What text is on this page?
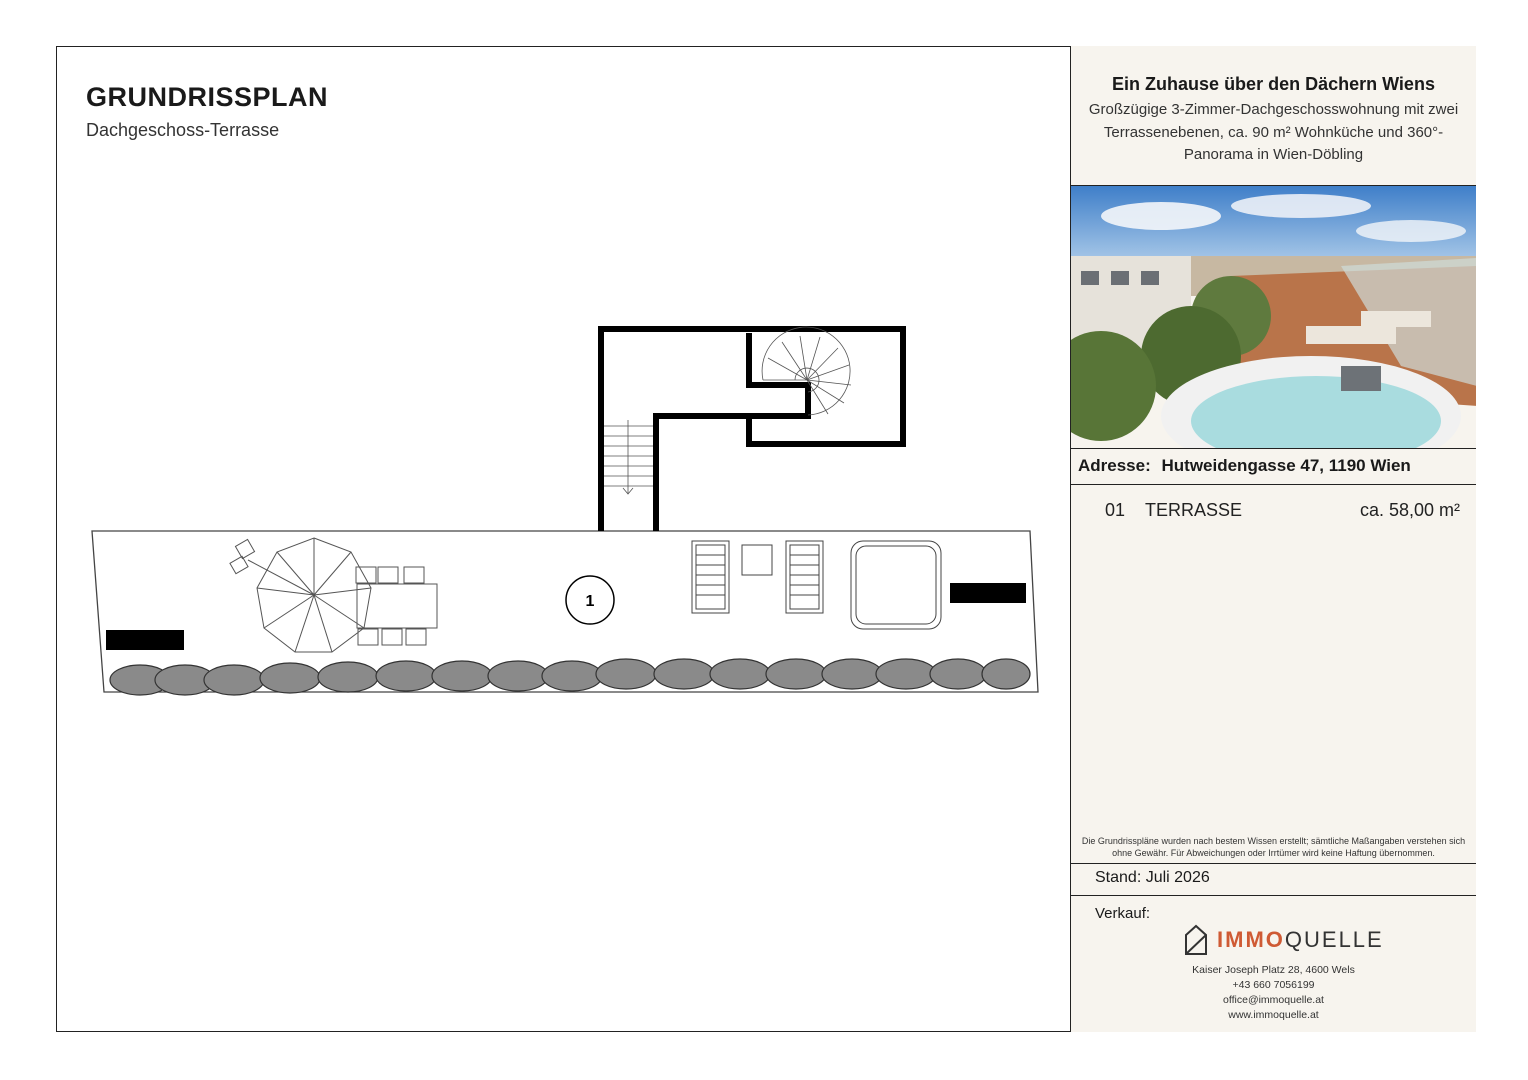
GRUNDRISSPLAN
Dachgeschoss-Terrasse
1
Ein Zuhause über den Dächern Wiens
Großzügige 3-Zimmer-Dachgeschosswohnung mit zwei Terrassenebenen, ca. 90 m² Wohnküche und 360°-Panorama in Wien-Döbling
Adresse: Hutweidengasse 47, 1190 Wien
01 TERRASSE	ca. 58,00 m²
Die Grundrisspläne wurden nach bestem Wissen erstellt; sämtliche Maßangaben verstehen sich ohne Gewähr. Für Abweichungen oder Irrtümer wird keine Haftung übernommen.
Stand: Juli 2026
Verkauf:
IMMOQUELLE
Kaiser Joseph Platz 28, 4600 Wels
+43 660 7056199
office@immoquelle.at
www.immoquelle.at
